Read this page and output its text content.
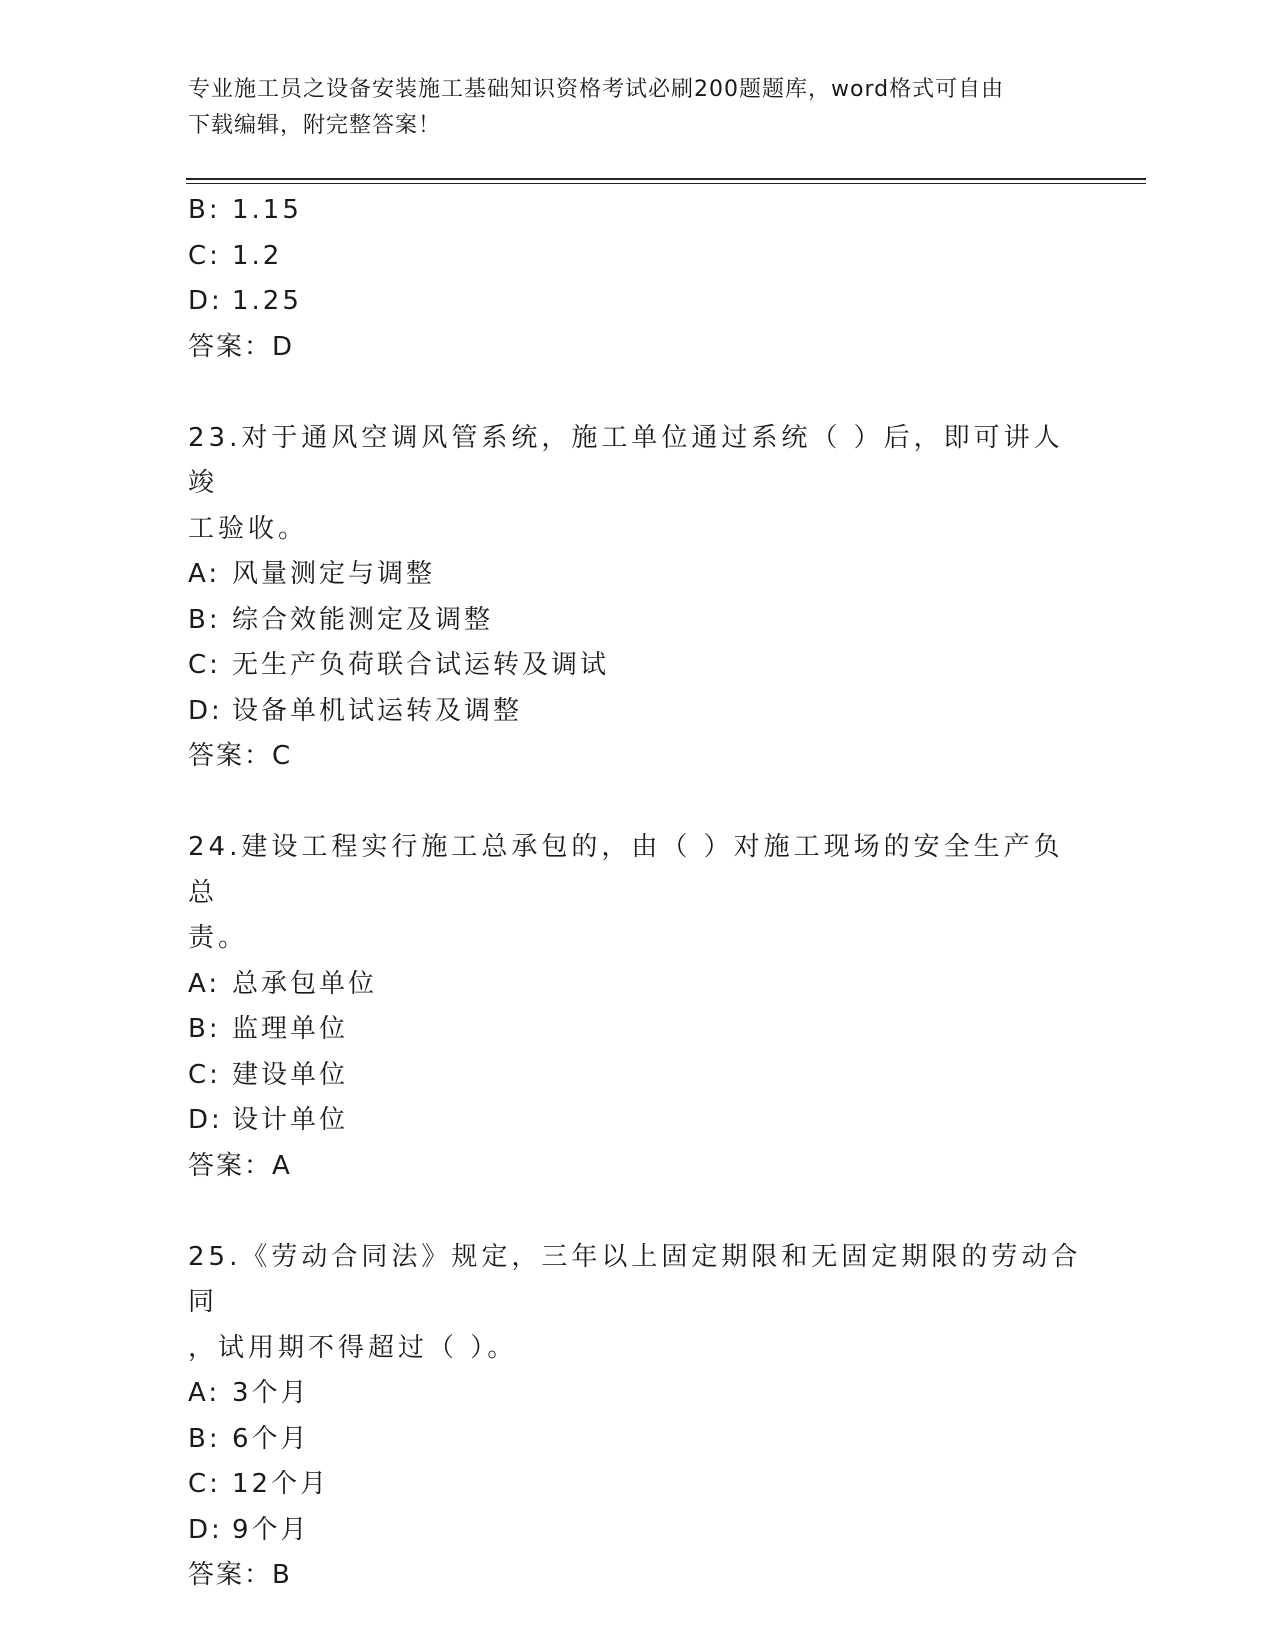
专业施工员之设备安装施工基础知识资格考试必刷200题题库，word格式可自由
下载编辑，附完整答案！
B: 1.15
C: 1.2
D: 1.25
答案：D
23.对于通风空调风管系统，施工单位通过系统（ ）后，即可讲人竣
工验收。
A: 风量测定与调整
B: 综合效能测定及调整
C: 无生产负荷联合试运转及调试
D: 设备单机试运转及调整
答案：C
24.建设工程实行施工总承包的，由（ ）对施工现场的安全生产负总
责。
A: 总承包单位
B: 监理单位
C: 建设单位
D: 设计单位
答案：A
25.《劳动合同法》规定，三年以上固定期限和无固定期限的劳动合同
，试用期不得超过（ ）。
A: 3个月
B: 6个月
C: 12个月
D: 9个月
答案：B
